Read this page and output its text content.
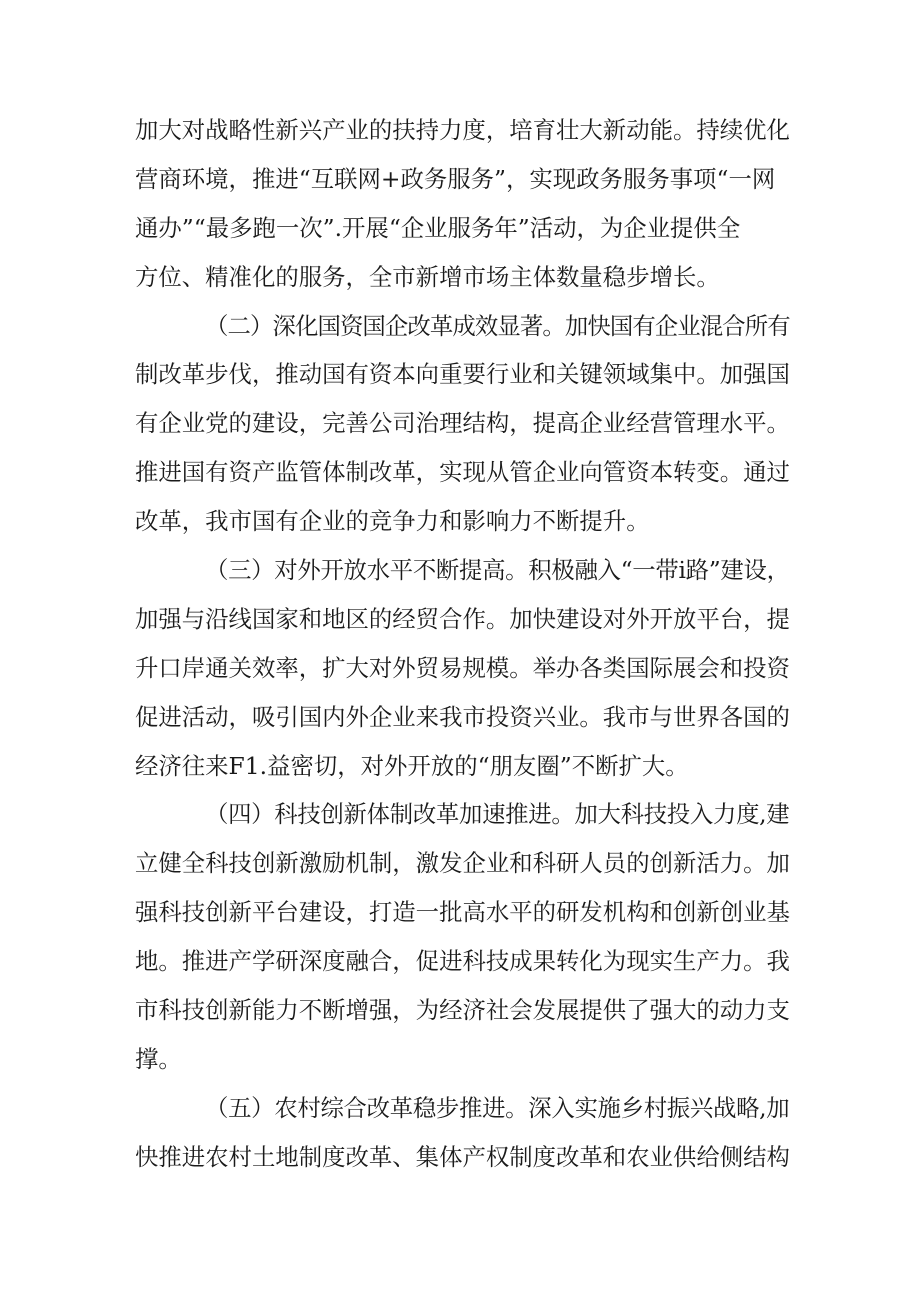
加大对战略性新兴产业的扶持力度，培育壮大新动能。持续优化
营商环境，推进“互联网+政务服务”，实现政务服务事项“一网
通办”“最多跑一次”.开展“企业服务年”活动，为企业提供全
方位、精准化的服务，全市新增市场主体数量稳步增长。
（二）深化国资国企改革成效显著。加快国有企业混合所有
制改革步伐，推动国有资本向重要行业和关键领域集中。加强国
有企业党的建设，完善公司治理结构，提高企业经营管理水平。
推进国有资产监管体制改革，实现从管企业向管资本转变。通过
改革，我市国有企业的竞争力和影响力不断提升。
（三）对外开放水平不断提高。积极融入“一带i路”建设，
加强与沿线国家和地区的经贸合作。加快建设对外开放平台，提
升口岸通关效率，扩大对外贸易规模。举办各类国际展会和投资
促进活动，吸引国内外企业来我市投资兴业。我市与世界各国的
经济往来F1.益密切，对外开放的“朋友圈”不断扩大。
（四）科技创新体制改革加速推进。加大科技投入力度,建
立健全科技创新激励机制，激发企业和科研人员的创新活力。加
强科技创新平台建设，打造一批高水平的研发机构和创新创业基
地。推进产学研深度融合，促进科技成果转化为现实生产力。我
市科技创新能力不断增强，为经济社会发展提供了强大的动力支
撑。
（五）农村综合改革稳步推进。深入实施乡村振兴战略,加
快推进农村土地制度改革、集体产权制度改革和农业供给侧结构
